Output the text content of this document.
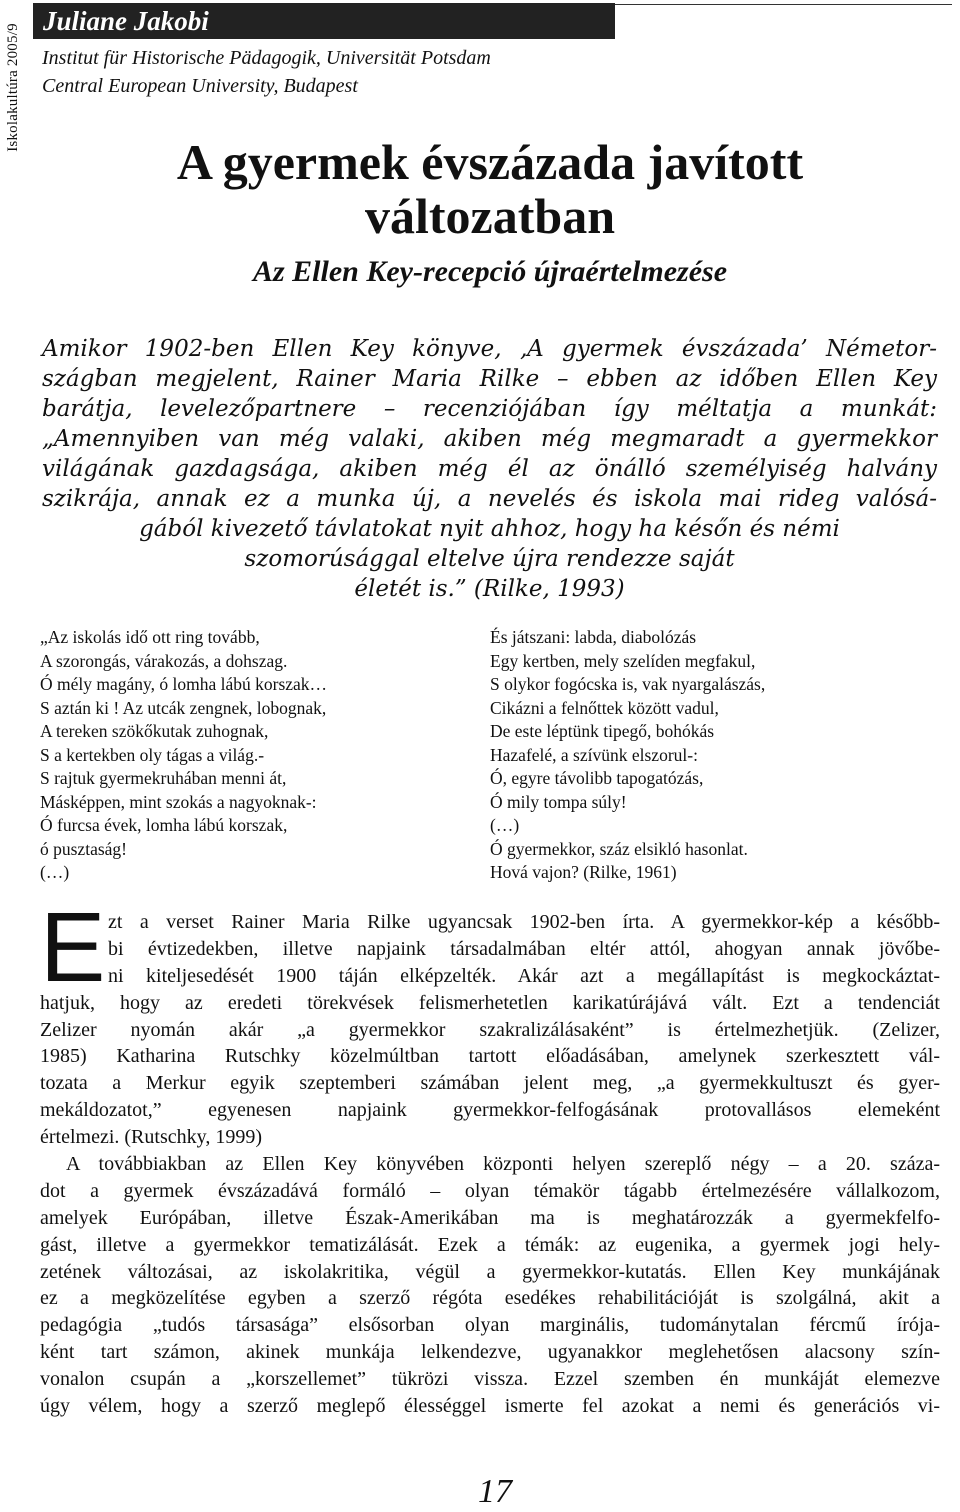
Iskolakultúra 2005/9
Juliane Jakobi
Institut für Historische Pädagogik, Universität Potsdam
Central European University, Budapest
A gyermek évszázada javított
változatban
Az Ellen Key-recepció újraértelmezése
Amikor 1902-ben Ellen Key könyve, ‚A gyermek évszázada’ Németor-
szágban megjelent, Rainer Maria Rilke – ebben az időben Ellen Key
barátja, levelezőpartnere – recenziójában így méltatja a munkát:
„Amennyiben van még valaki, akiben még megmaradt a gyermekkor
világának gazdagsága, akiben még él az önálló személyiség halvány
szikrája, annak ez a munka új, a nevelés és iskola mai rideg valósá-
gából kivezető távlatokat nyit ahhoz, hogy ha későn és némi
szomorúsággal eltelve újra rendezze saját
életét is.” (Rilke, 1993)
„Az iskolás idő ott ring tovább,
A szorongás, várakozás, a dohszag.
Ó mély magány, ó lomha lábú korszak…
S aztán ki ! Az utcák zengnek, lobognak,
A tereken szökőkutak zuhognak,
S a kertekben oly tágas a világ.-
S rajtuk gyermekruhában menni át,
Másképpen, mint szokás a nagyoknak-:
Ó furcsa évek, lomha lábú korszak,
ó pusztaság!
(…)
És játszani: labda, diabolózás
Egy kertben, mely szelíden megfakul,
S olykor fogócska is, vak nyargalászás,
Cikázni a felnőttek között vadul,
De este léptünk tipegő, bohókás
Hazafelé, a szívünk elszorul-:
Ó, egyre távolibb tapogatózás,
Ó mily tompa súly!
(…)
Ó gyermekkor, száz elsikló hasonlat.
Hová vajon? (Rilke, 1961)
E zt a verset Rainer Maria Rilke ugyancsak 1902-ben írta. A gyermekkor-kép a később-
bi évtizedekben, illetve napjaink társadalmában eltér attól, ahogyan annak jövőbe-
ni kiteljesedését 1900 táján elképzelték. Akár azt a megállapítást is megkockáztat-
hatjuk, hogy az eredeti törekvések felismerhetetlen karikatúrájává vált. Ezt a tendenciát
Zelizer nyomán akár „a gyermekkor szakralizálásaként” is értelmezhetjük. (Zelizer,
1985) Katharina Rutschky közelmúltban tartott előadásában, amelynek szerkesztett vál-
tozata a Merkur egyik szeptemberi számában jelent meg, „a gyermekkultuszt és gyer-
mekáldozatot,” egyenesen napjaink gyermekkor-felfogásának protovallásos elemeként
értelmezi. (Rutschky, 1999)
A továbbiakban az Ellen Key könyvében központi helyen szereplő négy – a 20. száza-
dot a gyermek évszázadává formáló – olyan témakör tágabb értelmezésére vállalkozom,
amelyek Európában, illetve Észak-Amerikában ma is meghatározzák a gyermekfelfo-
gást, illetve a gyermekkor tematizálását. Ezek a témák: az eugenika, a gyermek jogi hely-
zetének változásai, az iskolakritika, végül a gyermekkor-kutatás. Ellen Key munkájának
ez a megközelítése egyben a szerző régóta esedékes rehabilitációját is szolgálná, akit a
pedagógia „tudós társasága” elsősorban olyan marginális, tudománytalan fércmű írója-
ként tart számon, akinek munkája lelkendezve, ugyanakkor meglehetősen alacsony szín-
vonalon csupán a „korszellemet” tükrözi vissza. Ezzel szemben én munkáját elemezve
úgy vélem, hogy a szerző meglepő élességgel ismerte fel azokat a nemi és generációs vi-
17
